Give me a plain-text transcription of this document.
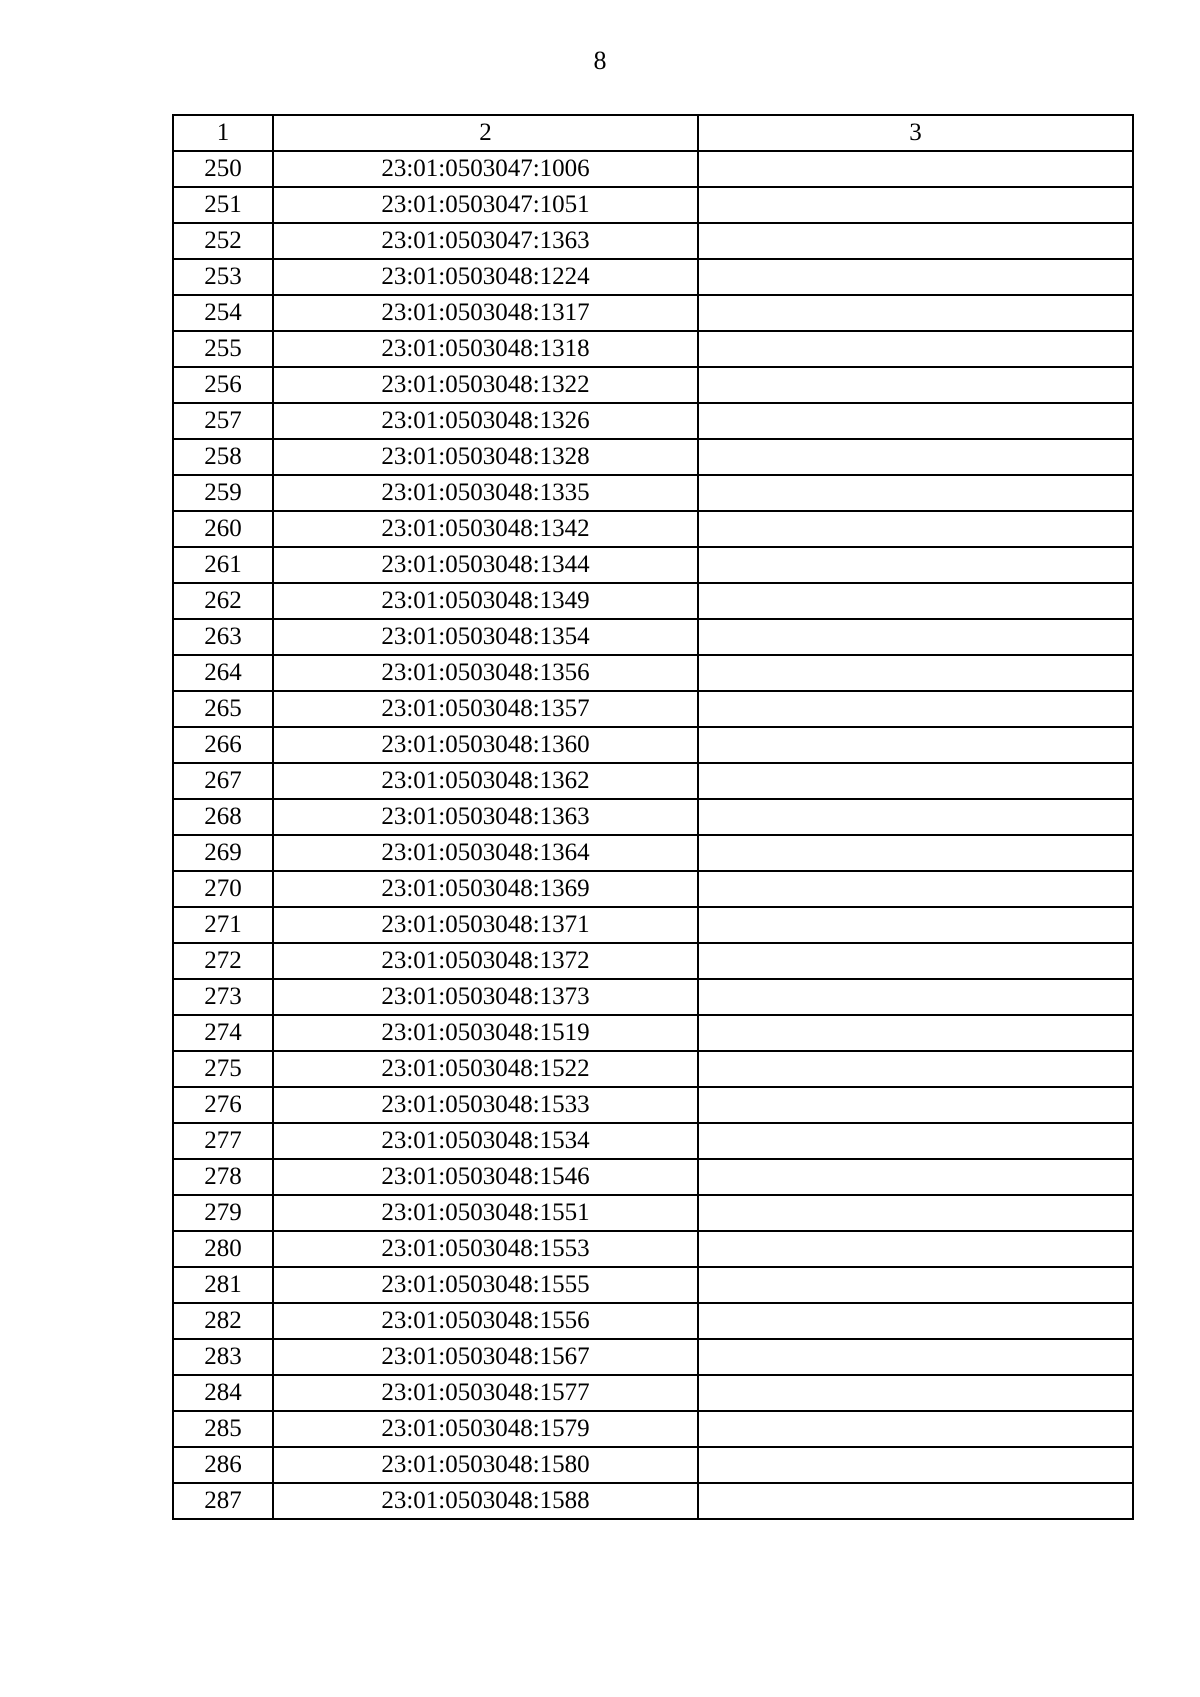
8
1	2	3
250	23:01:0503047:1006	
251	23:01:0503047:1051	
252	23:01:0503047:1363	
253	23:01:0503048:1224	
254	23:01:0503048:1317	
255	23:01:0503048:1318	
256	23:01:0503048:1322	
257	23:01:0503048:1326	
258	23:01:0503048:1328	
259	23:01:0503048:1335	
260	23:01:0503048:1342	
261	23:01:0503048:1344	
262	23:01:0503048:1349	
263	23:01:0503048:1354	
264	23:01:0503048:1356	
265	23:01:0503048:1357	
266	23:01:0503048:1360	
267	23:01:0503048:1362	
268	23:01:0503048:1363	
269	23:01:0503048:1364	
270	23:01:0503048:1369	
271	23:01:0503048:1371	
272	23:01:0503048:1372	
273	23:01:0503048:1373	
274	23:01:0503048:1519	
275	23:01:0503048:1522	
276	23:01:0503048:1533	
277	23:01:0503048:1534	
278	23:01:0503048:1546	
279	23:01:0503048:1551	
280	23:01:0503048:1553	
281	23:01:0503048:1555	
282	23:01:0503048:1556	
283	23:01:0503048:1567	
284	23:01:0503048:1577	
285	23:01:0503048:1579	
286	23:01:0503048:1580	
287	23:01:0503048:1588	
